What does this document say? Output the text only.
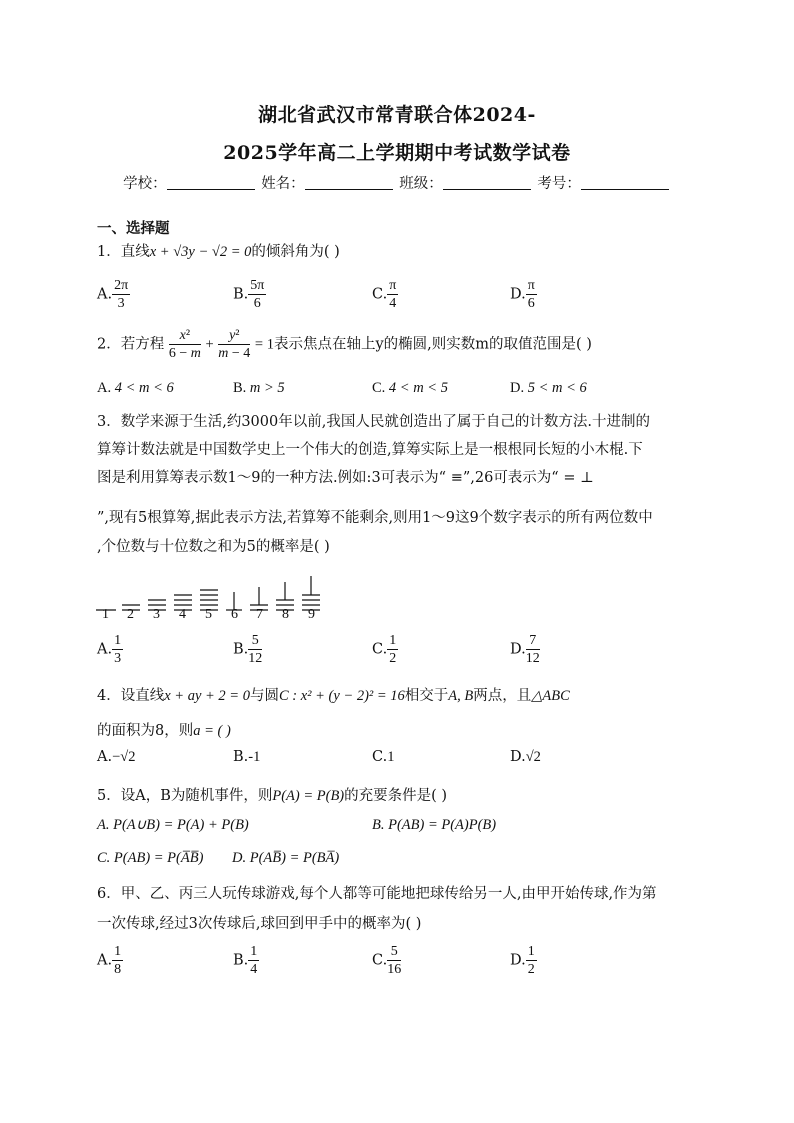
湖北省武汉市常青联合体2024-
2025学年高二上学期期中考试数学试卷
学校：	姓名：	班级：	考号：
一、选择题
1．直线x + √3y − √2 = 0的倾斜角为( )
A. $\frac{2\pi}{3}$	B. $\frac{5\pi}{6}$	C. $\frac{\pi}{4}$	D. $\frac{\pi}{6}$
2．若方程 $\frac{\text{x²}}{6 - m} + \frac{\text{y²}}{m - 4} = 1$表示焦点在轴上y的椭圆,则实数m的取值范围是( )
A. 4 < m < 6	B. m > 5	C. 4 < m < 5	D. 5 < m < 6
3．数学来源于生活,约3000年以前,我国人民就创造出了属于自己的计数方法.十进制的
算筹计数法就是中国数学史上一个伟大的创造,算筹实际上是一根根同长短的小木棍.下
图是利用算筹表示数1～9的一种方法.例如:3可表示为“ ≡”,26可表示为“ = ⊥
”,现有5根算筹,据此表示方法,若算筹不能剩余,则用1～9这9个数字表示的所有两位数中
,个位数与十位数之和为5的概率是( )
1 2 3 4 5 6 7 8 9
A. $\frac{1}{3}$	B. $\frac{5}{12}$	C. $\frac{1}{2}$	D. $\frac{7}{12}$
4．设直线x + ay + 2 = 0与圆C : x² + (y − 2)² = 16相交于A, B两点，且△ABC
的面积为8，则a = ( )
A.−√2	B.-1	C.1	D.√2
5．设A，B为随机事件，则P(A) = P(B)的充要条件是( )
A. P(A∪B) = P(A) + P(B)	B. P(AB) = P(A)P(B)
C. P(AB) = P(A̅B̅) D. P(AB̅) = P(BA̅)
6．甲、乙、丙三人玩传球游戏,每个人都等可能地把球传给另一人,由甲开始传球,作为第
一次传球,经过3次传球后,球回到甲手中的概率为( )
A. $\frac{1}{8}$	B. $\frac{1}{4}$	C. $\frac{5}{16}$	D. $\frac{1}{2}$
